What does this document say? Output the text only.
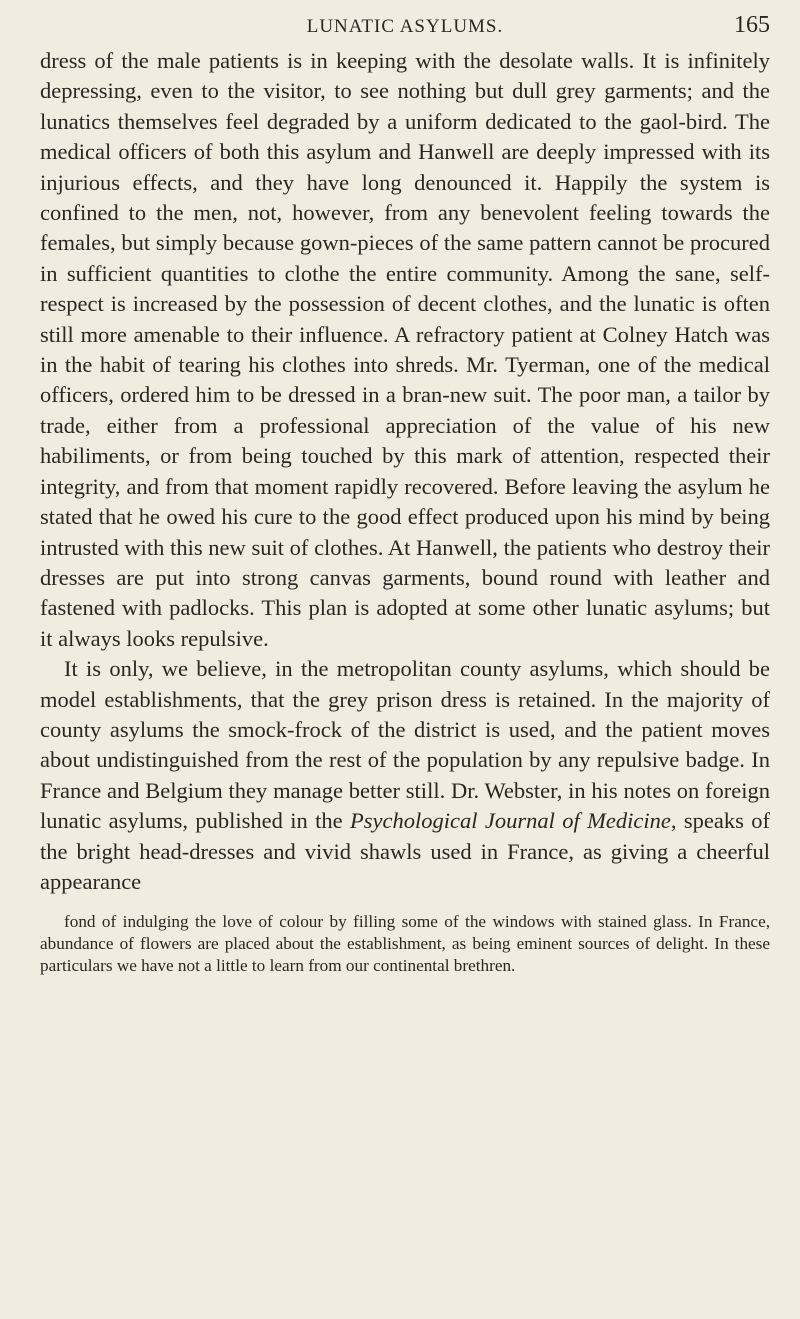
LUNATIC ASYLUMS.	165

dress of the male patients is in keeping with the desolate walls. It is infinitely depressing, even to the visitor, to see nothing but dull grey garments; and the lunatics themselves feel degraded by a uniform dedicated to the gaol-bird. The medical officers of both this asylum and Hanwell are deeply impressed with its injurious effects, and they have long denounced it. Happily the system is confined to the men, not, however, from any benevolent feeling towards the females, but simply because gown-pieces of the same pattern cannot be procured in sufficient quantities to clothe the entire community. Among the sane, self-respect is increased by the possession of decent clothes, and the lunatic is often still more amenable to their influence. A refractory patient at Colney Hatch was in the habit of tearing his clothes into shreds. Mr. Tyerman, one of the medical officers, ordered him to be dressed in a bran-new suit. The poor man, a tailor by trade, either from a professional appreciation of the value of his new habiliments, or from being touched by this mark of attention, respected their integrity, and from that moment rapidly recovered. Before leaving the asylum he stated that he owed his cure to the good effect produced upon his mind by being intrusted with this new suit of clothes. At Hanwell, the patients who destroy their dresses are put into strong canvas garments, bound round with leather and fastened with padlocks. This plan is adopted at some other lunatic asylums; but it always looks repulsive.

It is only, we believe, in the metropolitan county asylums, which should be model establishments, that the grey prison dress is retained. In the majority of county asylums the smock-frock of the district is used, and the patient moves about undistinguished from the rest of the population by any repulsive badge. In France and Belgium they manage better still. Dr. Webster, in his notes on foreign lunatic asylums, published in the Psychological Journal of Medicine, speaks of the bright head-dresses and vivid shawls used in France, as giving a cheerful appearance

fond of indulging the love of colour by filling some of the windows with stained glass. In France, abundance of flowers are placed about the establishment, as being eminent sources of delight. In these particulars we have not a little to learn from our continental brethren.
